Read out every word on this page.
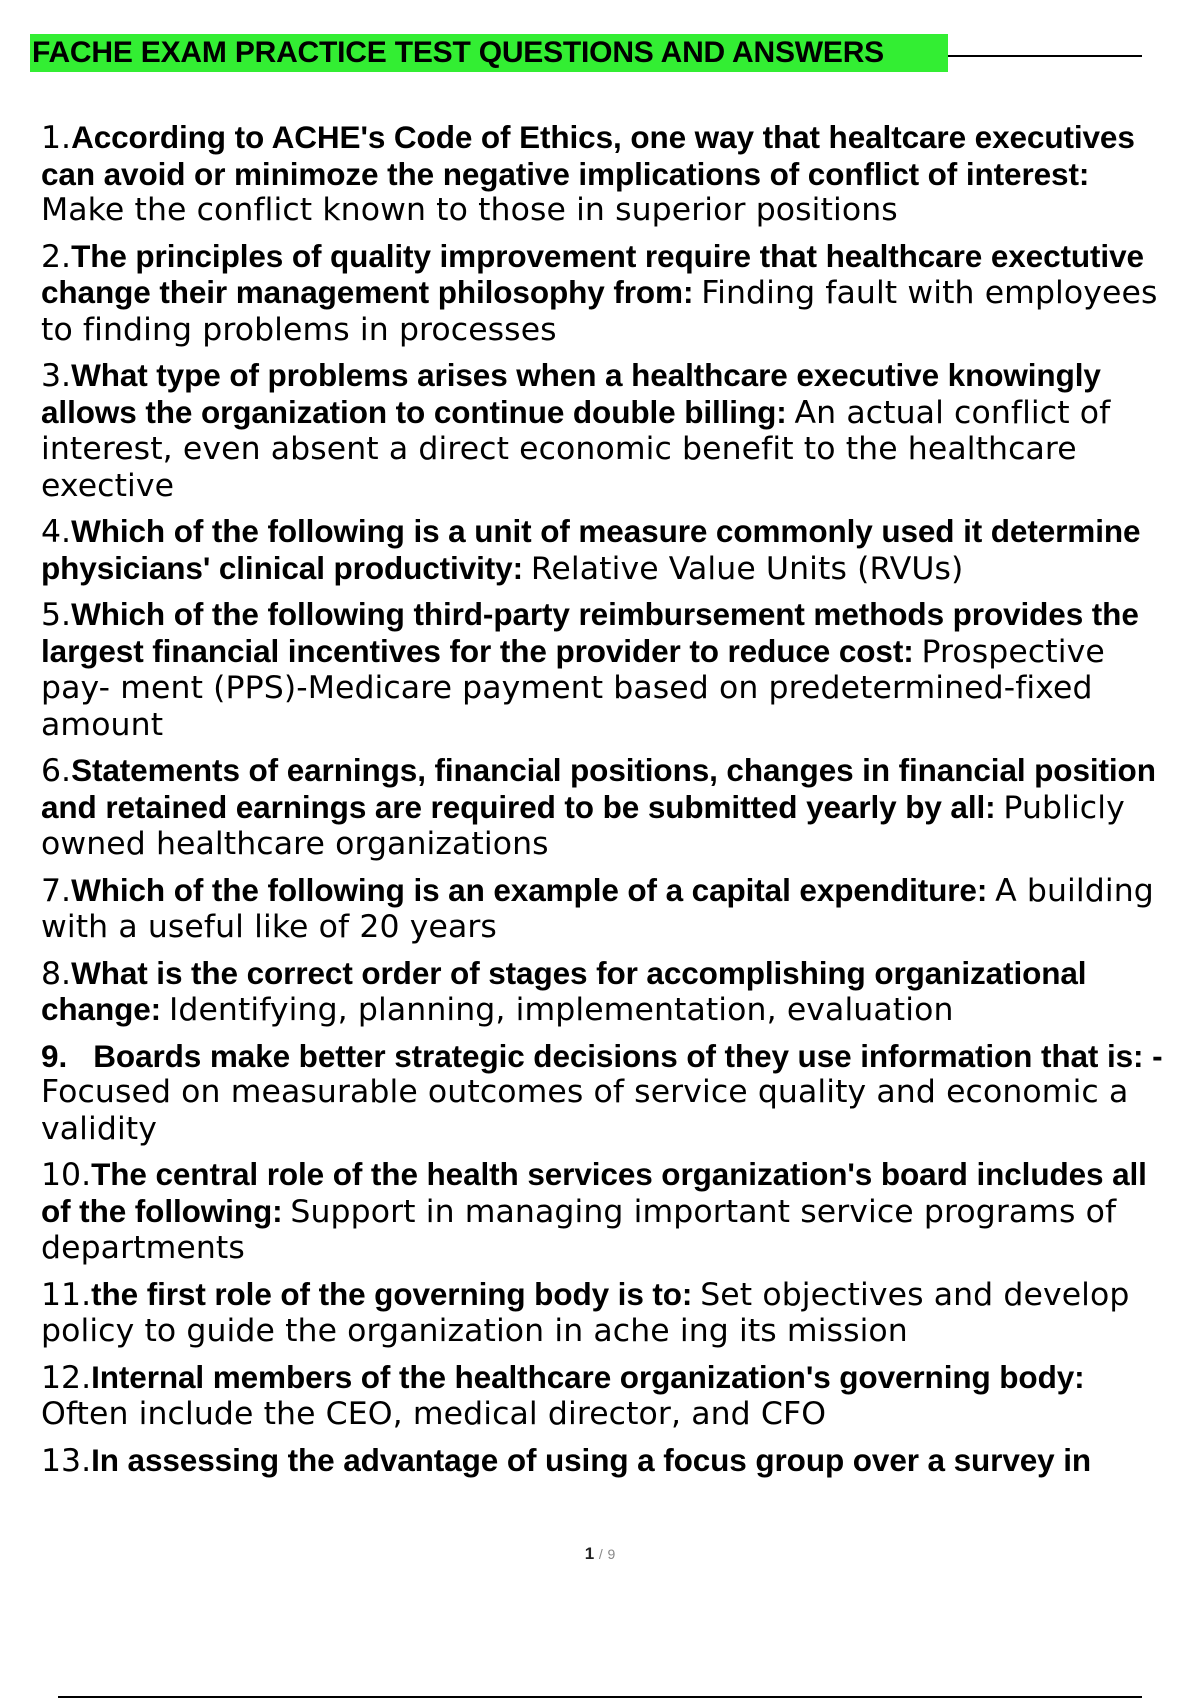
FACHE EXAM PRACTICE TEST QUESTIONS AND ANSWERS
1.According to ACHE's Code of Ethics, one way that healtcare executives can avoid or minimoze the negative implications of conflict of interest: Make the conflict known to those in superior positions
2.The principles of quality improvement require that healthcare exectutive change their management philosophy from: Finding fault with employees to finding problems in processes
3.What type of problems arises when a healthcare executive knowingly allows the organization to continue double billing: An actual conflict of interest, even absent a direct economic benefit to the healthcare exective
4.Which of the following is a unit of measure commonly used it determine physicians' clinical productivity: Relative Value Units (RVUs)
5.Which of the following third-party reimbursement methods provides the largest financial incentives for the provider to reduce cost: Prospective pay- ment (PPS)-Medicare payment based on predetermined-fixed amount
6.Statements of earnings, financial positions, changes in financial position and retained earnings are required to be submitted yearly by all: Publicly owned healthcare organizations
7.Which of the following is an example of a capital expenditure: A building with a useful like of 20 years
8.What is the correct order of stages for accomplishing organizational change: Identifying, planning, implementation, evaluation
9. Boards make better strategic decisions of they use information that is: - Focused on measurable outcomes of service quality and economic a validity
10.The central role of the health services organization's board includes all of the following: Support in managing important service programs of departments
11.the first role of the governing body is to: Set objectives and develop policy to guide the organization in ache ing its mission
12.Internal members of the healthcare organization's governing body: Often include the CEO, medical director, and CFO
13.In assessing the advantage of using a focus group over a survey in
1 / 9
